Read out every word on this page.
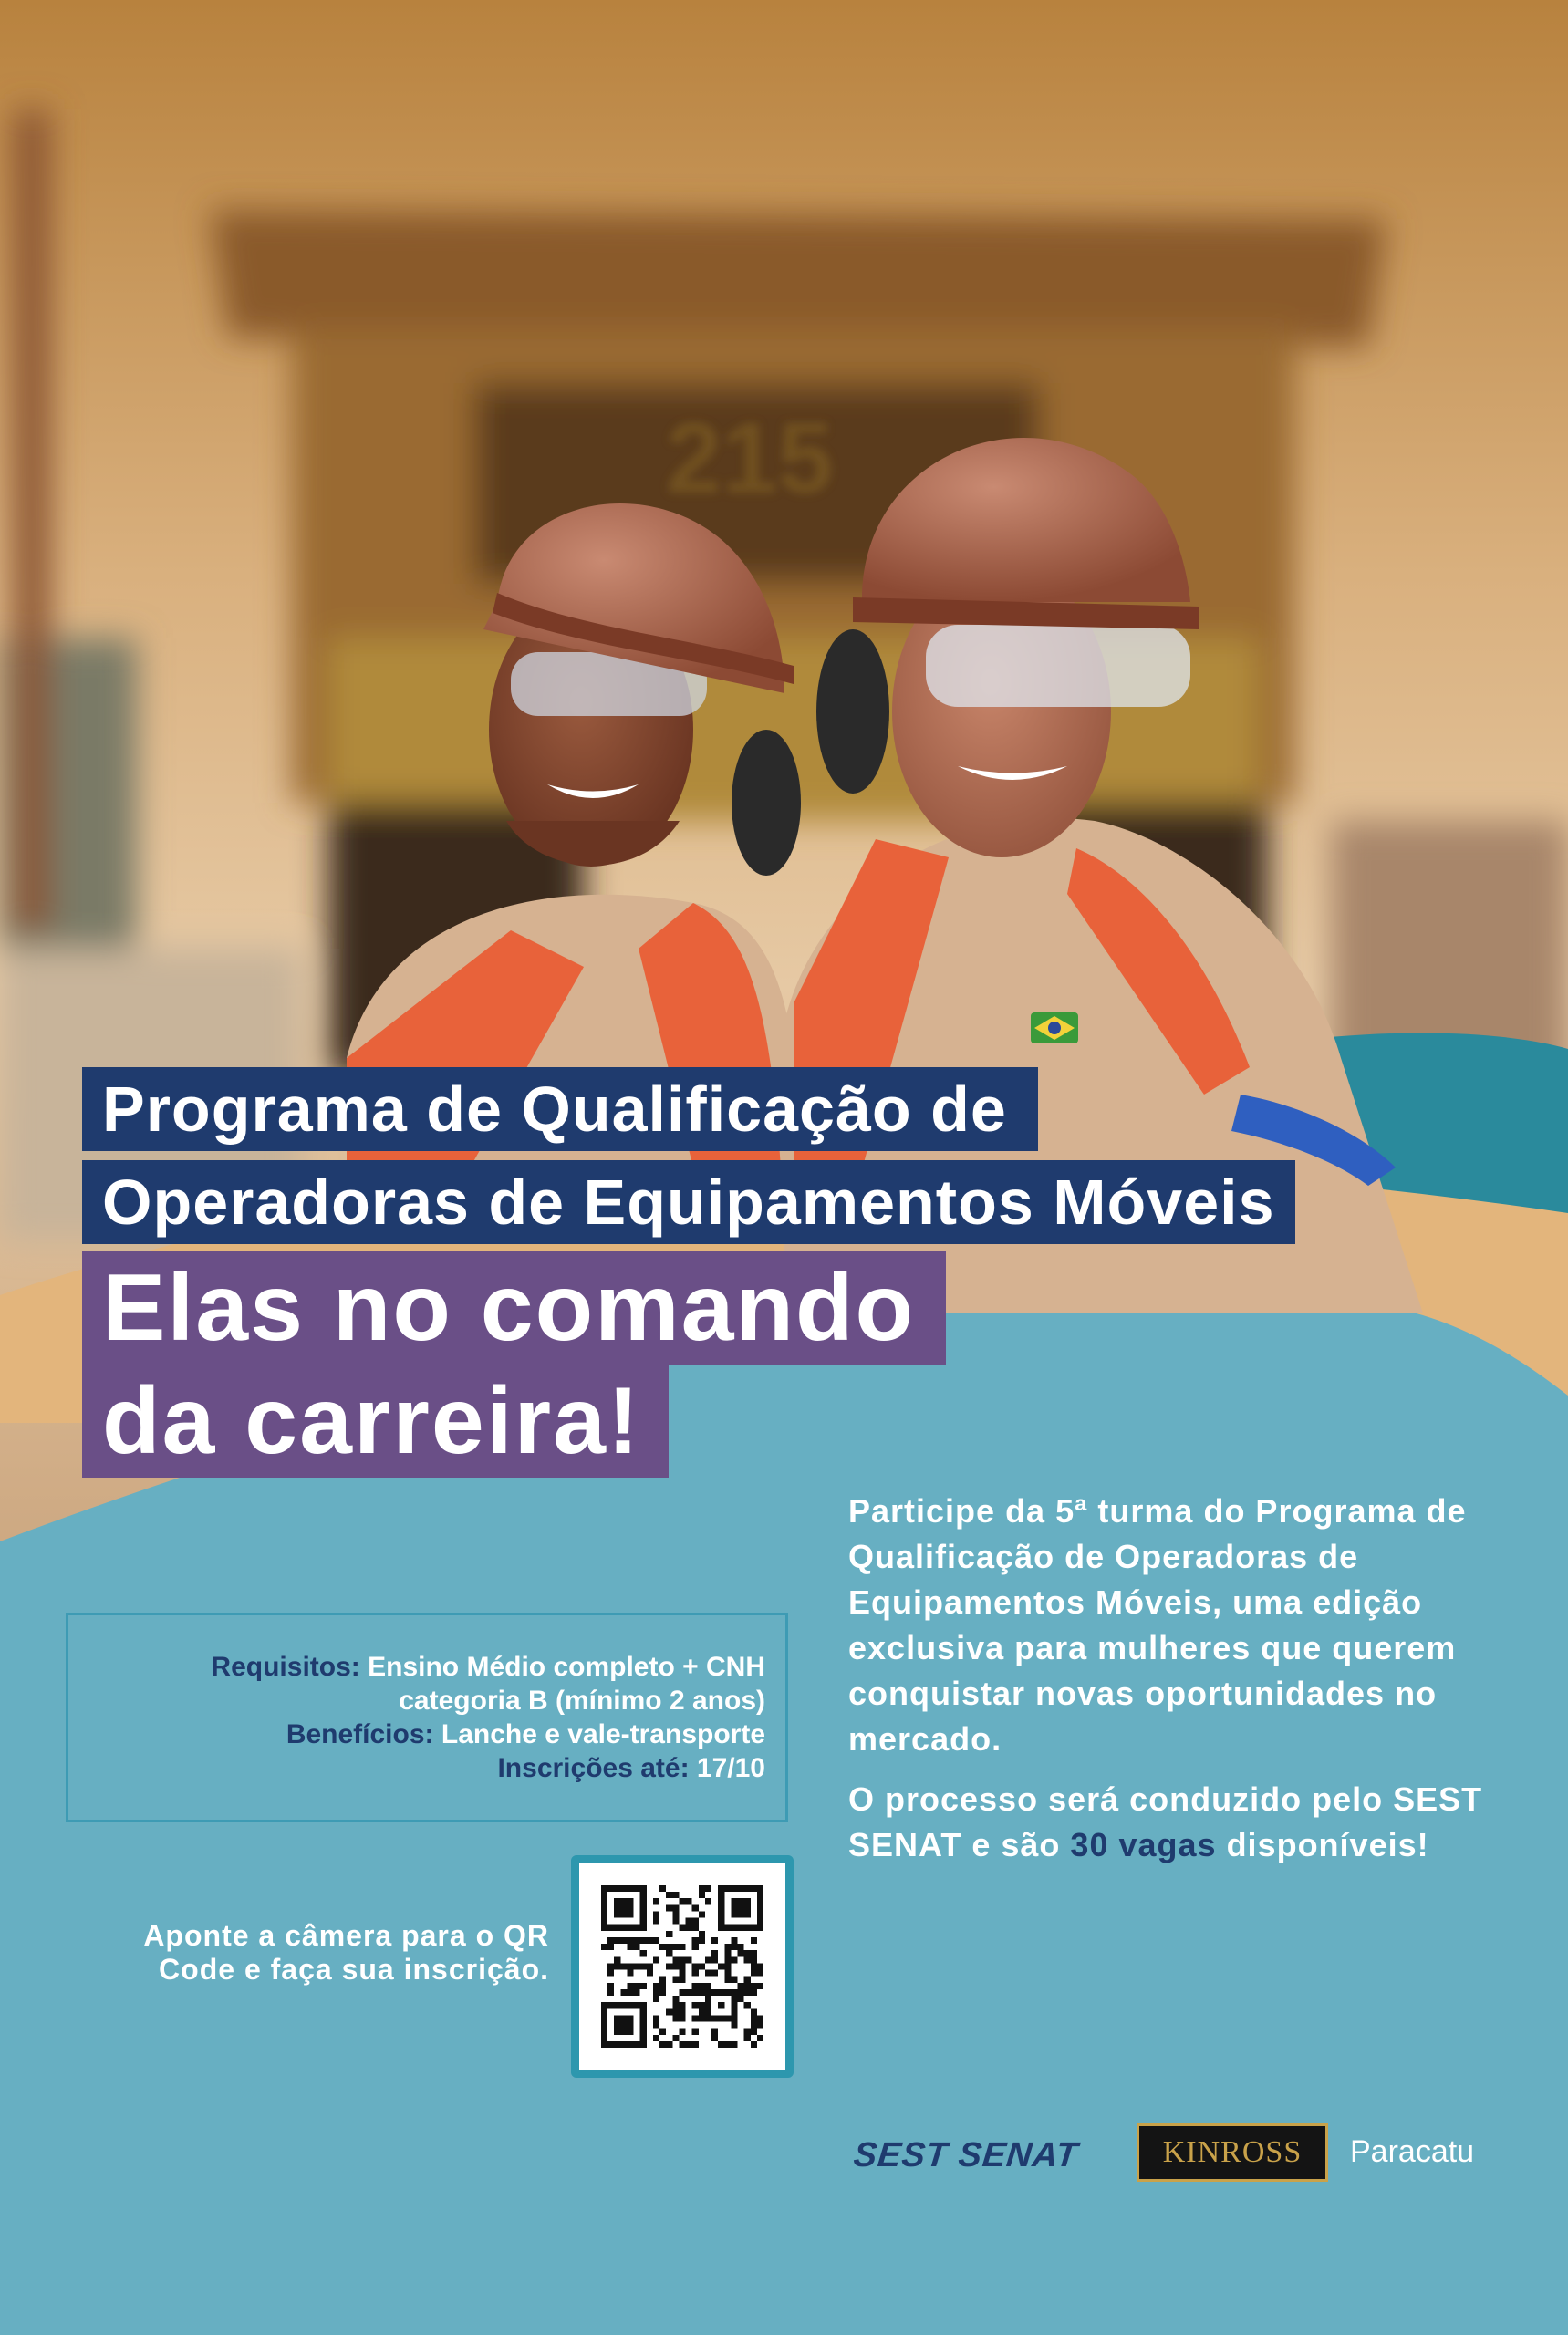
215
Programa de Qualificação de
Operadoras de Equipamentos Móveis
Elas no comando
da carreira!

Participe da 5ª turma do Programa de Qualificação de Operadoras de Equipamentos Móveis, uma edição exclusiva para mulheres que querem conquistar novas oportunidades no mercado.

O processo será conduzido pelo SEST SENAT e são 30 vagas disponíveis!

Requisitos: Ensino Médio completo + CNH categoria B (mínimo 2 anos)
Benefícios: Lanche e vale-transporte
Inscrições até: 17/10
Aponte a câmera para o QR Code e faça sua inscrição.
SEST SENAT	KINROSS	Paracatu
